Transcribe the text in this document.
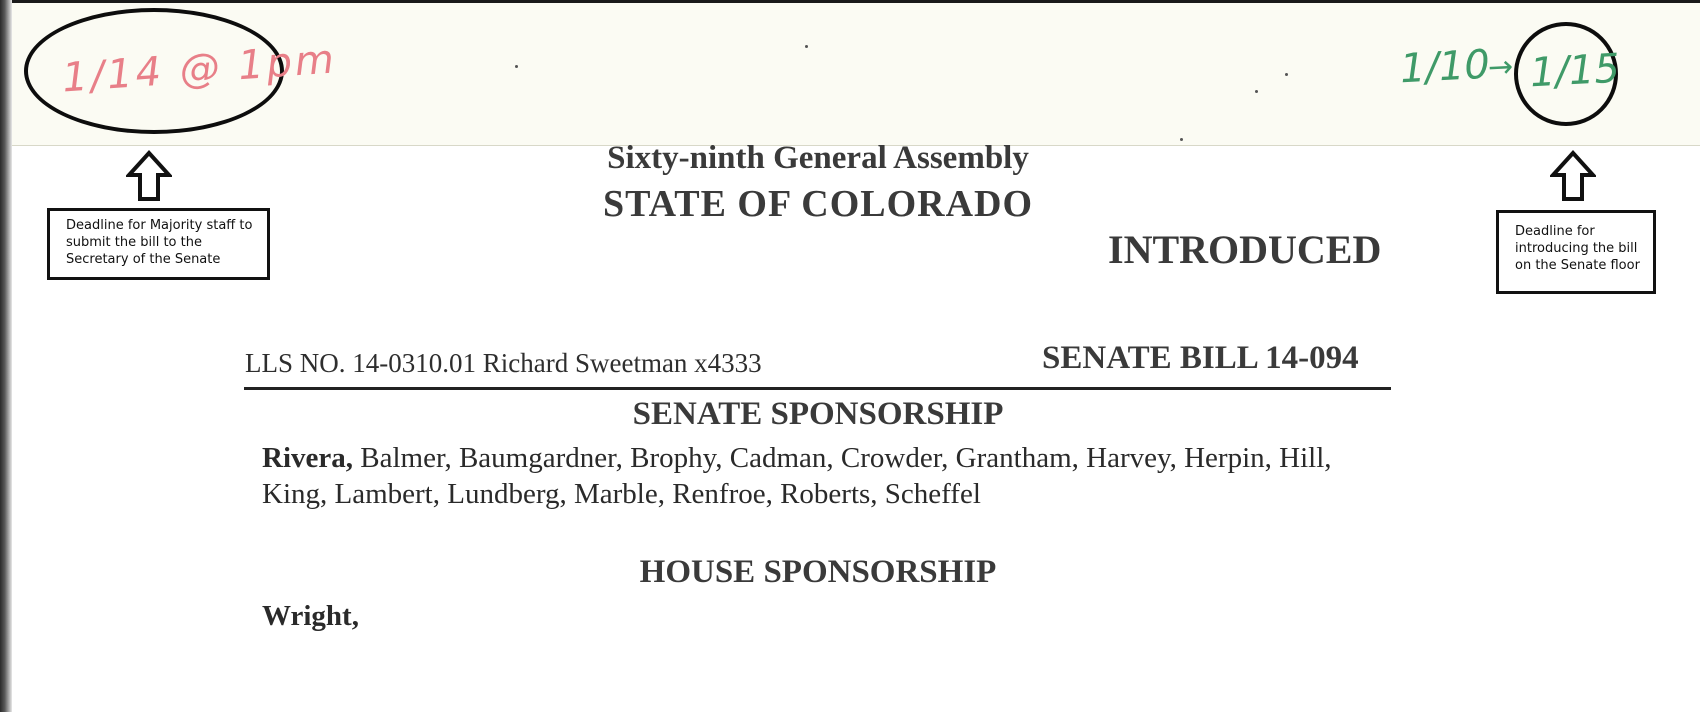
1/14 @ 1pm	1/10
→ 1/15
Deadline for Majority staff to
submit the bill to the
Secretary of the Senate
Deadline for
introducing the bill
on the Senate floor
Sixty-ninth General Assembly
STATE OF COLORADO
INTRODUCED
LLS NO. 14-0310.01 Richard Sweetman x4333	SENATE BILL 14-094
SENATE SPONSORSHIP
Rivera, Balmer, Baumgardner, Brophy, Cadman, Crowder, Grantham, Harvey, Herpin, Hill,
King, Lambert, Lundberg, Marble, Renfroe, Roberts, Scheffel
HOUSE SPONSORSHIP
Wright,
